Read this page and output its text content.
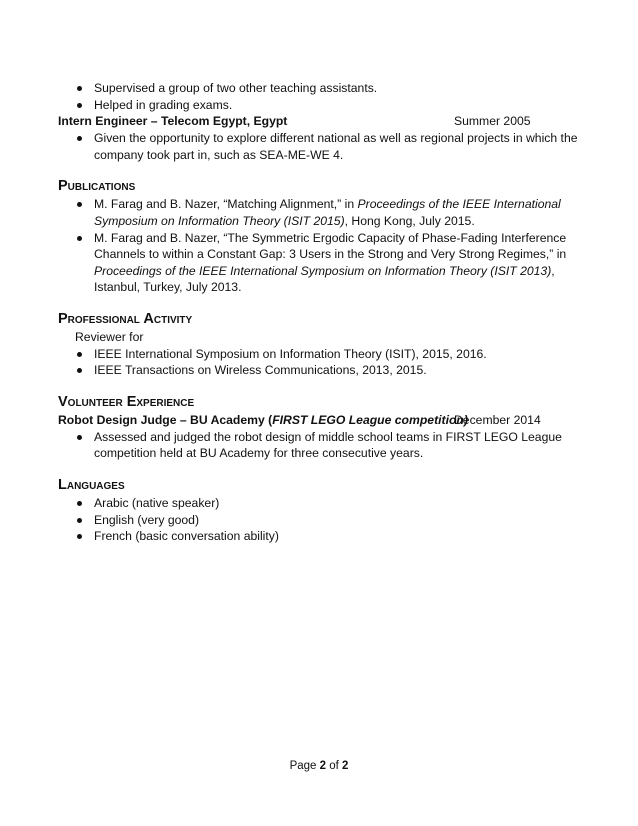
Supervised a group of two other teaching assistants.
Helped in grading exams.
Intern Engineer – Telecom Egypt, Egypt	Summer 2005
Given the opportunity to explore different national as well as regional projects in which the company took part in, such as SEA-ME-WE 4.
Publications
M. Farag and B. Nazer, “Matching Alignment,” in Proceedings of the IEEE International Symposium on Information Theory (ISIT 2015), Hong Kong, July 2015.
M. Farag and B. Nazer, “The Symmetric Ergodic Capacity of Phase-Fading Interference Channels to within a Constant Gap: 3 Users in the Strong and Very Strong Regimes,” in Proceedings of the IEEE International Symposium on Information Theory (ISIT 2013), Istanbul, Turkey, July 2013.
Professional Activity
Reviewer for
IEEE International Symposium on Information Theory (ISIT), 2015, 2016.
IEEE Transactions on Wireless Communications, 2013, 2015.
Volunteer Experience
Robot Design Judge – BU Academy (FIRST LEGO League competition)
December 2014
Assessed and judged the robot design of middle school teams in FIRST LEGO League competition held at BU Academy for three consecutive years.
Languages
Arabic (native speaker)
English (very good)
French (basic conversation ability)
Page 2 of 2
